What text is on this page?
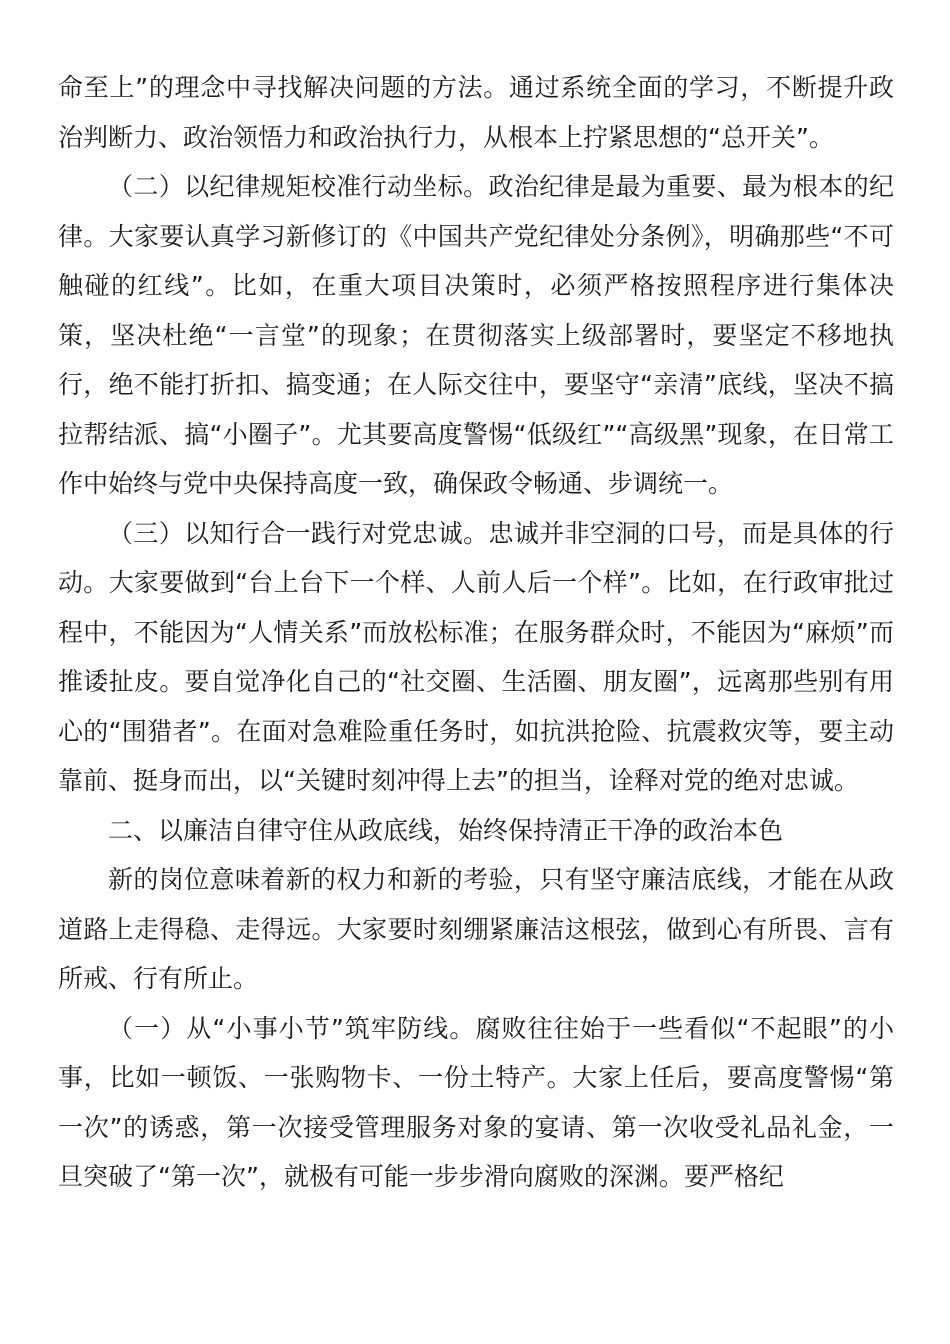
命至上”的理念中寻找解决问题的方法。通过系统全面的学习，不断提升政治判断力、政治领悟力和政治执行力，从根本上拧紧思想的“总开关”。

（二）以纪律规矩校准行动坐标。政治纪律是最为重要、最为根本的纪律。大家要认真学习新修订的《中国共产党纪律处分条例》，明确那些“不可触碰的红线”。比如，在重大项目决策时，必须严格按照程序进行集体决策，坚决杜绝“一言堂”的现象；在贯彻落实上级部署时，要坚定不移地执行，绝不能打折扣、搞变通；在人际交往中，要坚守“亲清”底线，坚决不搞拉帮结派、搞“小圈子”。尤其要高度警惕“低级红”“高级黑”现象，在日常工作中始终与党中央保持高度一致，确保政令畅通、步调统一。

（三）以知行合一践行对党忠诚。忠诚并非空洞的口号，而是具体的行动。大家要做到“台上台下一个样、人前人后一个样”。比如，在行政审批过程中，不能因为“人情关系”而放松标准；在服务群众时，不能因为“麻烦”而推诿扯皮。要自觉净化自己的“社交圈、生活圈、朋友圈”，远离那些别有用心的“围猎者”。在面对急难险重任务时，如抗洪抢险、抗震救灾等，要主动靠前、挺身而出，以“关键时刻冲得上去”的担当，诠释对党的绝对忠诚。

二、以廉洁自律守住从政底线，始终保持清正干净的政治本色

新的岗位意味着新的权力和新的考验，只有坚守廉洁底线，才能在从政道路上走得稳、走得远。大家要时刻绷紧廉洁这根弦，做到心有所畏、言有所戒、行有所止。

（一）从“小事小节”筑牢防线。腐败往往始于一些看似“不起眼”的小事，比如一顿饭、一张购物卡、一份土特产。大家上任后，要高度警惕“第一次”的诱惑，第一次接受管理服务对象的宴请、第一次收受礼品礼金，一旦突破了“第一次”，就极有可能一步步滑向腐败的深渊。要严格纪
